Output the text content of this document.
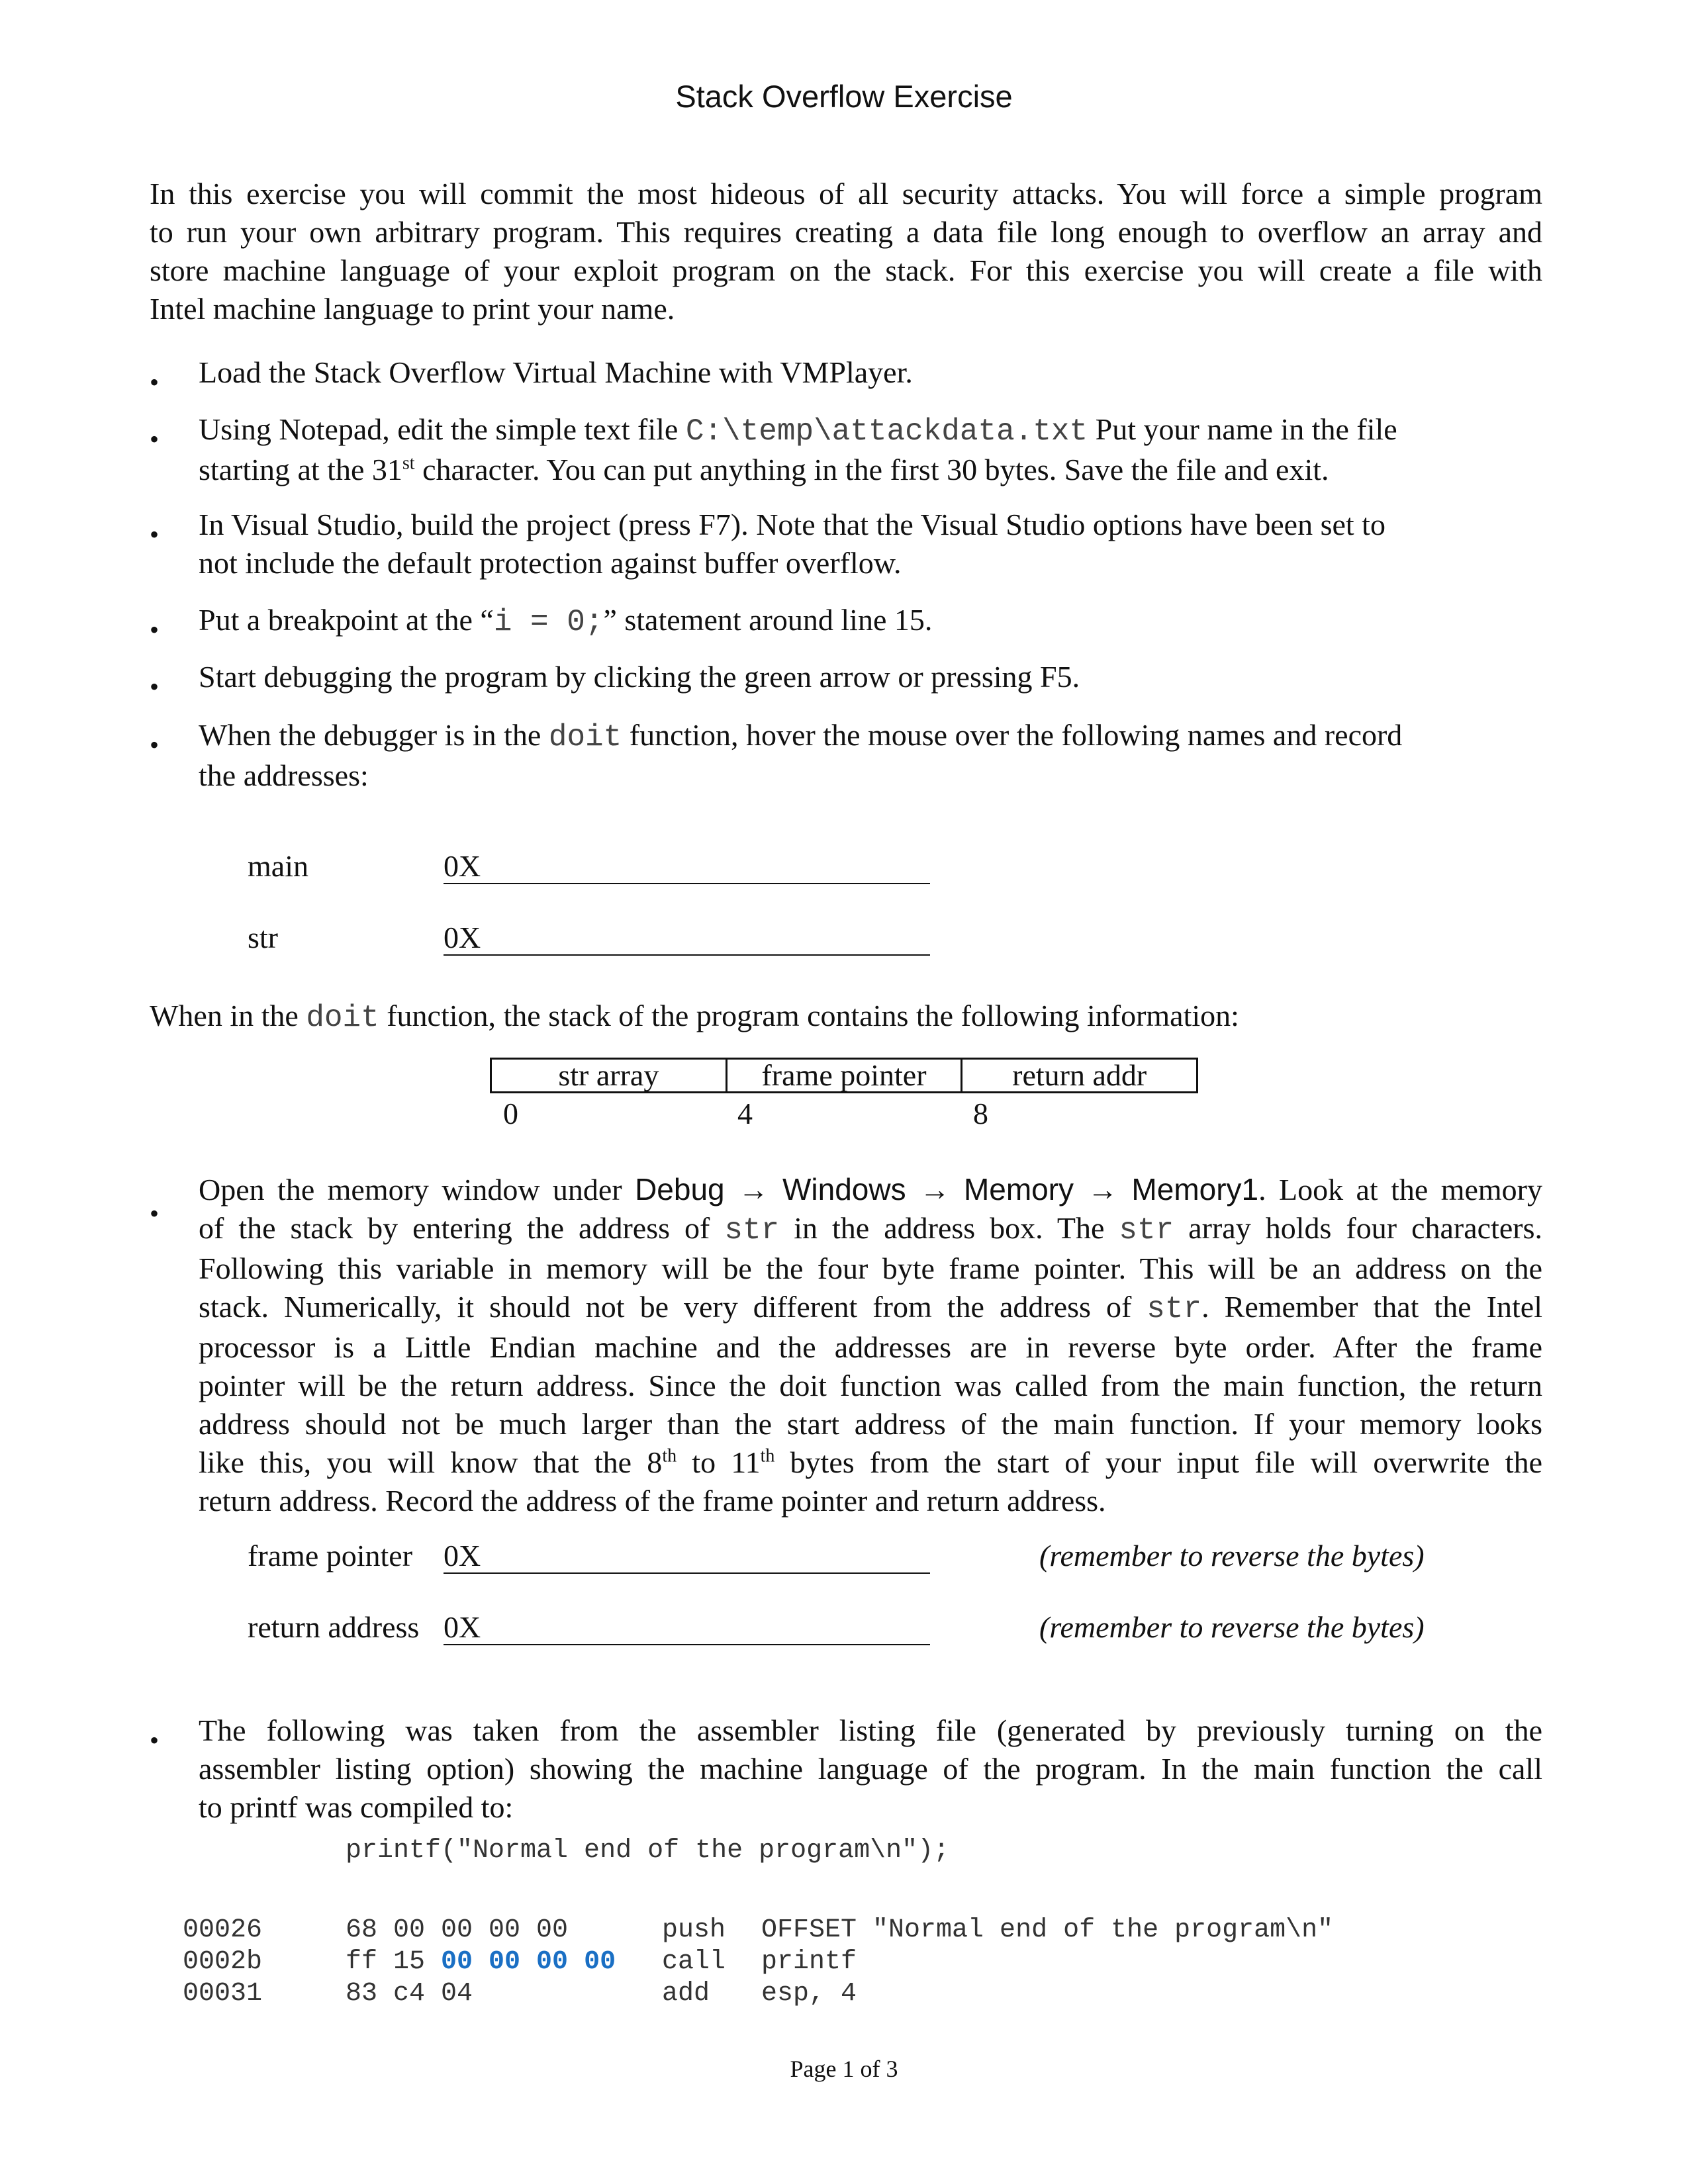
Stack Overflow Exercise
In this exercise you will commit the most hideous of all security attacks. You will force a simple program
to run your own arbitrary program. This requires creating a data file long enough to overflow an array and
store machine language of your exploit program on the stack. For this exercise you will create a file with
Intel machine language to print your name.
• Load the Stack Overflow Virtual Machine with VMPlayer.
• Using Notepad, edit the simple text file C:\temp\attackdata.txt Put your name in the file
starting at the 31st character. You can put anything in the first 30 bytes. Save the file and exit.
• In Visual Studio, build the project (press F7). Note that the Visual Studio options have been set to
not include the default protection against buffer overflow.
• Put a breakpoint at the “i = 0;” statement around line 15.
• Start debugging the program by clicking the green arrow or pressing F5.
• When the debugger is in the doit function, hover the mouse over the following names and record
the addresses:
main	0X
str	0X
When in the doit function, the stack of the program contains the following information:
str array	frame pointer	return addr
0	4	8
•
Open the memory window under Debug → Windows → Memory → Memory1. Look at the memory
of the stack by entering the address of str in the address box. The str array holds four characters.
Following this variable in memory will be the four byte frame pointer. This will be an address on the
stack. Numerically, it should not be very different from the address of str. Remember that the Intel
processor is a Little Endian machine and the addresses are in reverse byte order. After the frame
pointer will be the return address. Since the doit function was called from the main function, the return
address should not be much larger than the start address of the main function. If your memory looks
like this, you will know that the 8th to 11th bytes from the start of your input file will overwrite the
return address. Record the address of the frame pointer and return address.
frame pointer 0X	(remember to reverse the bytes)
return address 0X	(remember to reverse the bytes)
• The following was taken from the assembler listing file (generated by previously turning on the
assembler listing option) showing the machine language of the program. In the main function the call
to printf was compiled to:
printf("Normal end of the program\n");
00026	68 00 00 00 00	push OFFSET "Normal end of the program\n"
0002b	ff 15 00 00 00 00 call printf
00031	83 c4 04	add esp, 4
Page 1 of 3
